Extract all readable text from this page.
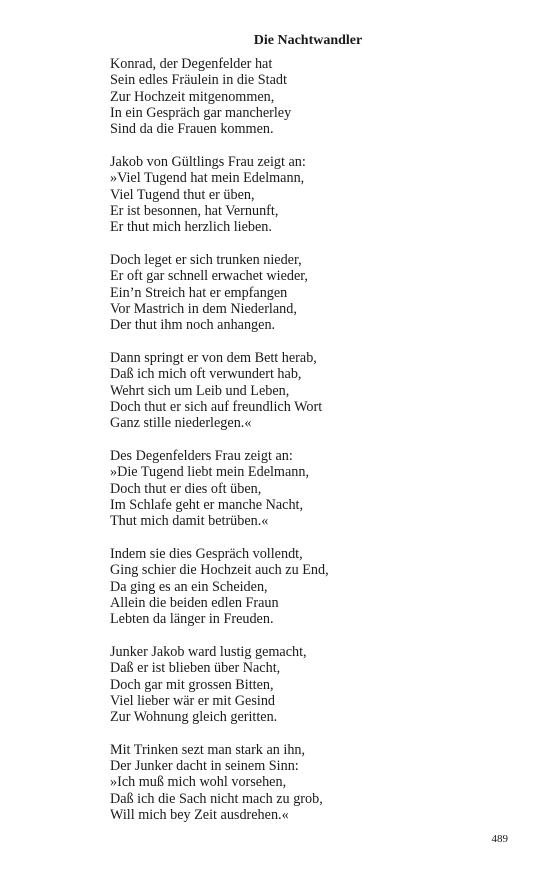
Die Nachtwandler
Konrad, der Degenfelder hat
Sein edles Fräulein in die Stadt
Zur Hochzeit mitgenommen,
In ein Gespräch gar mancherley
Sind da die Frauen kommen.
Jakob von Gültlings Frau zeigt an:
»Viel Tugend hat mein Edelmann,
Viel Tugend thut er üben,
Er ist besonnen, hat Vernunft,
Er thut mich herzlich lieben.
Doch leget er sich trunken nieder,
Er oft gar schnell erwachet wieder,
Ein’n Streich hat er empfangen
Vor Mastrich in dem Niederland,
Der thut ihm noch anhangen.
Dann springt er von dem Bett herab,
Daß ich mich oft verwundert hab,
Wehrt sich um Leib und Leben,
Doch thut er sich auf freundlich Wort
Ganz stille niederlegen.«
Des Degenfelders Frau zeigt an:
»Die Tugend liebt mein Edelmann,
Doch thut er dies oft üben,
Im Schlafe geht er manche Nacht,
Thut mich damit betrüben.«
Indem sie dies Gespräch vollendt,
Ging schier die Hochzeit auch zu End,
Da ging es an ein Scheiden,
Allein die beiden edlen Fraun
Lebten da länger in Freuden.
Junker Jakob ward lustig gemacht,
Daß er ist blieben über Nacht,
Doch gar mit grossen Bitten,
Viel lieber wär er mit Gesind
Zur Wohnung gleich geritten.
Mit Trinken sezt man stark an ihn,
Der Junker dacht in seinem Sinn:
»Ich muß mich wohl vorsehen,
Daß ich die Sach nicht mach zu grob,
Will mich bey Zeit ausdrehen.«
489
